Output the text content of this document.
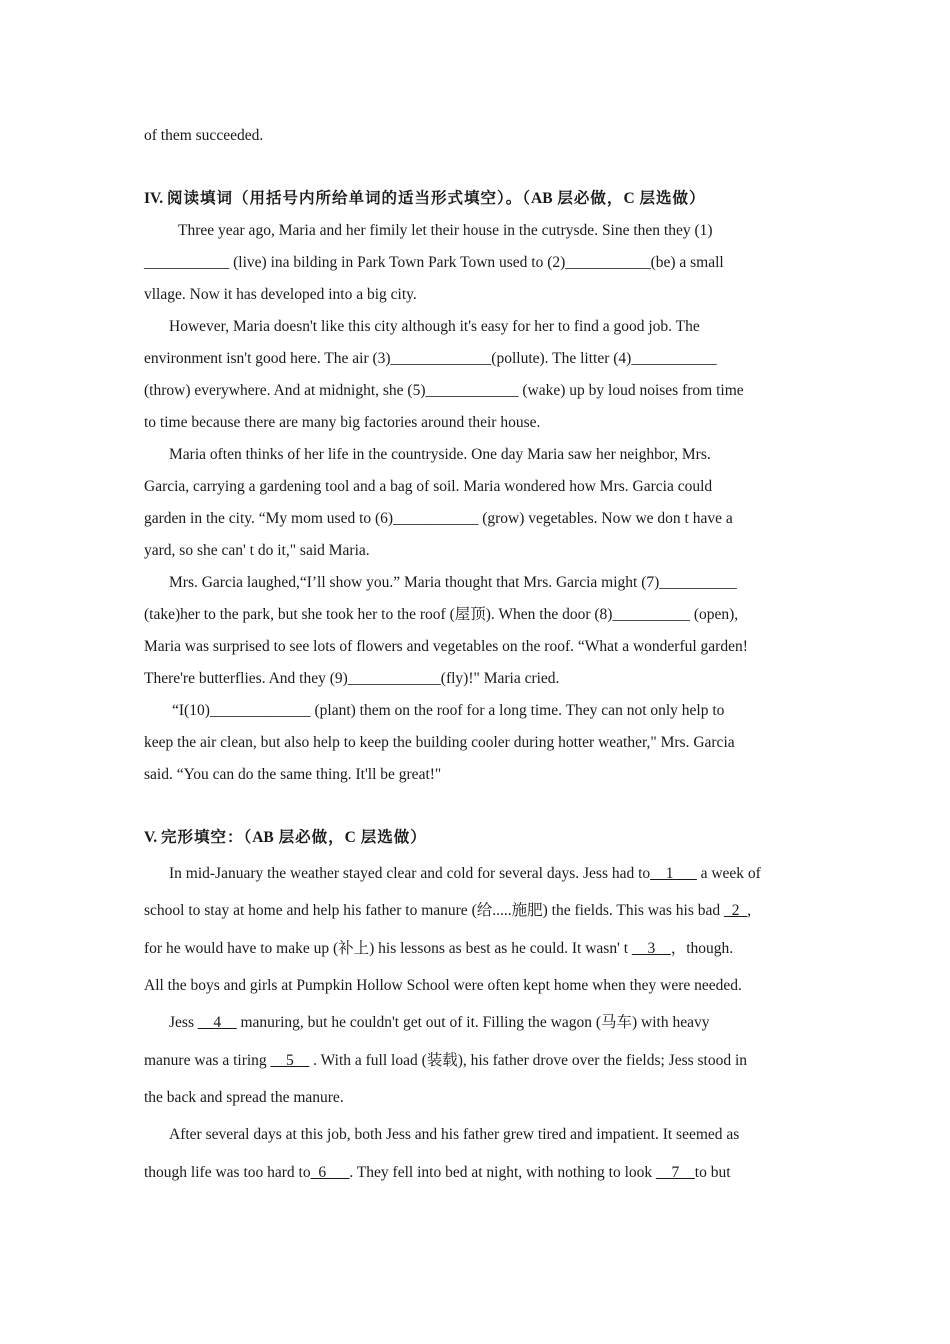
of them succeeded.
IV. 阅读填词（用括号内所给单词的适当形式填空）。（AB 层必做，C 层选做）
Three year ago, Maria and her fimily let their house in the cutrysde. Sine then they (1)
___________ (live) ina bilding in Park Town Park Town used to (2)___________(be) a small
vllage. Now it has developed into a big city.
However, Maria doesn't like this city although it's easy for her to find a good job. The
environment isn't good here. The air (3)_____________(pollute). The litter (4)___________
(throw) everywhere. And at midnight, she (5)____________ (wake) up by loud noises from time
to time because there are many big factories around their house.
Maria often thinks of her life in the countryside. One day Maria saw her neighbor, Mrs.
Garcia, carrying a gardening tool and a bag of soil. Maria wondered how Mrs. Garcia could
garden in the city. “My mom used to (6)___________ (grow) vegetables. Now we don t have a
yard, so she can' t do it," said Maria.
Mrs. Garcia laughed,“I’ll show you.” Maria thought that Mrs. Garcia might (7)__________
(take)her to the park, but she took her to the roof (屋顶). When the door (8)__________ (open),
Maria was surprised to see lots of flowers and vegetables on the roof. “What a wonderful garden!
There're butterflies. And they (9)____________(fly)!" Maria cried.
“I(10)_____________ (plant) them on the roof for a long time. They can not only help to
keep the air clean, but also help to keep the building cooler during hotter weather," Mrs. Garcia
said. “You can do the same thing. It'll be great!"
V. 完形填空：（AB 层必做，C 层选做）
In mid-January the weather stayed clear and cold for several days. Jess had to__1___ a week of
school to stay at home and help his father to manure (给.....施肥) the fields. This was his bad _2_,
for he would have to make up (补上) his lessons as best as he could. It wasn' t __3__，though.
All the boys and girls at Pumpkin Hollow School were often kept home when they were needed.
Jess __4__ manuring, but he couldn't get out of it. Filling the wagon (马车) with heavy
manure was a tiring __5__ . With a full load (装载), his father drove over the fields; Jess stood in
the back and spread the manure.
After several days at this job, both Jess and his father grew tired and impatient. It seemed as
though life was too hard to_6___. They fell into bed at night, with nothing to look __7__to but
